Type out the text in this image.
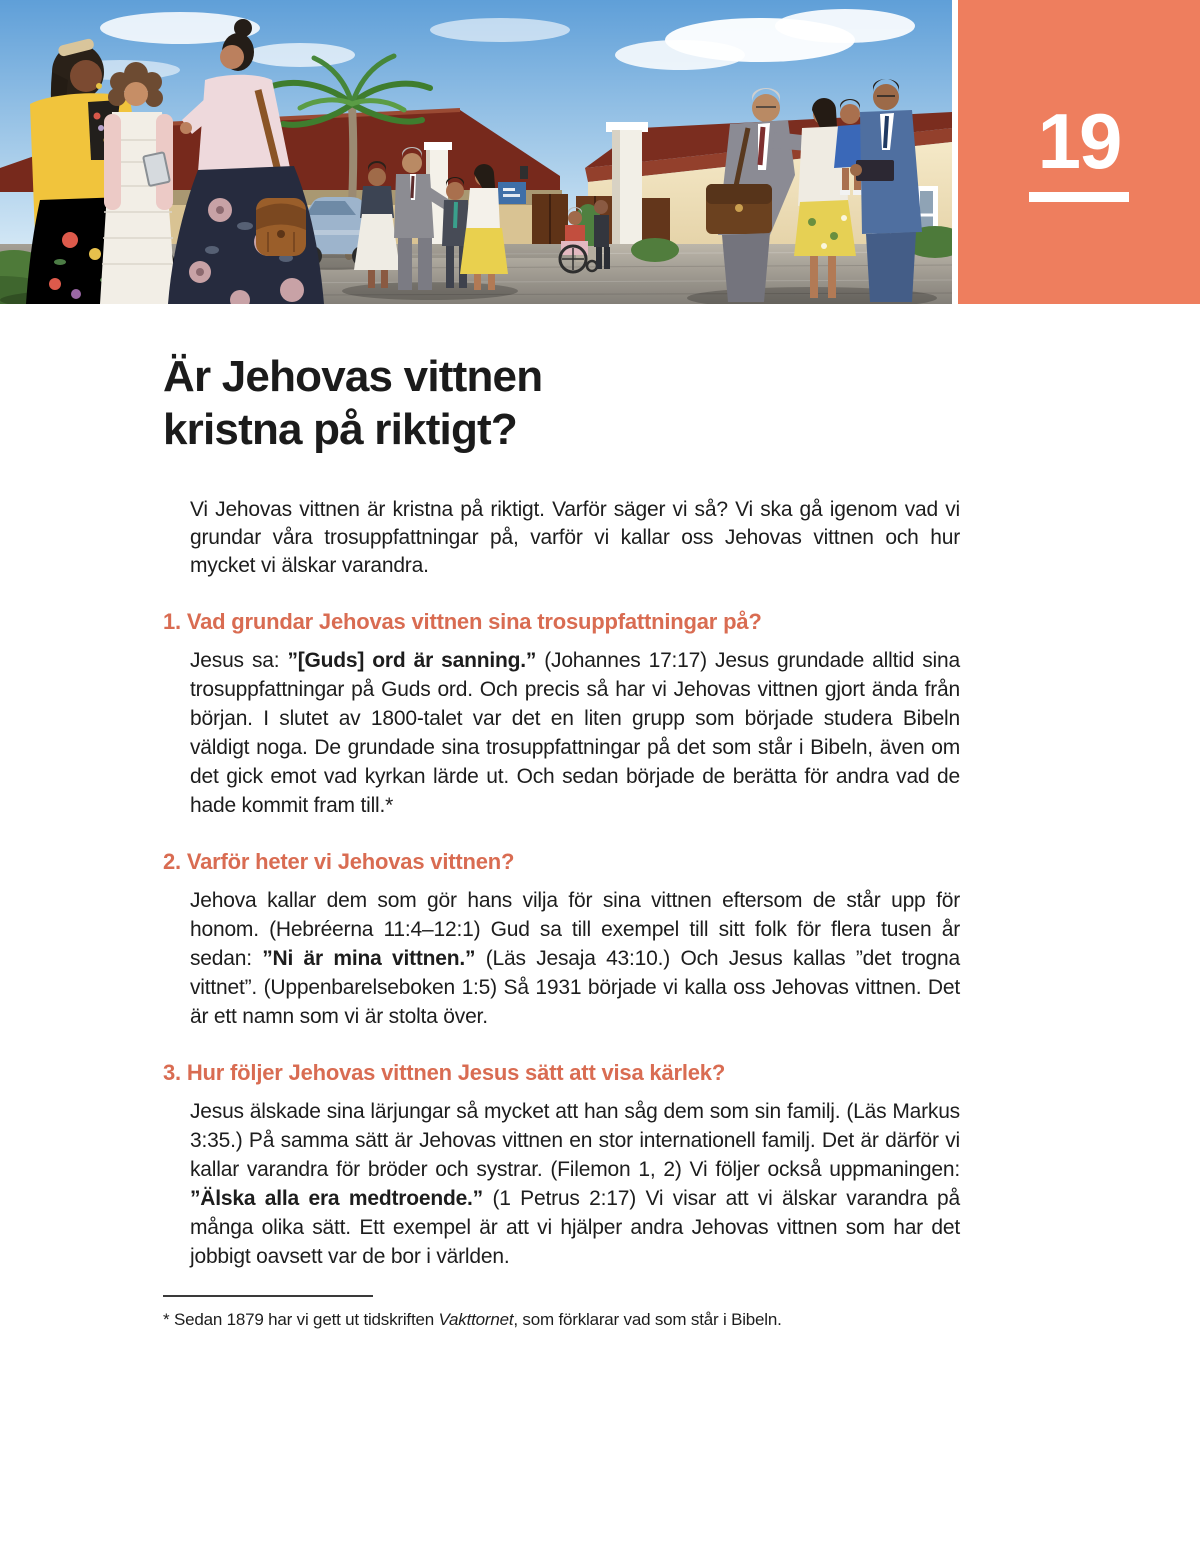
19
Är Jehovas vittnen
kristna på riktigt?

Vi Jehovas vittnen är kristna på riktigt. Varför säger vi så? Vi ska gå igenom vad vi grundar våra trosuppfattningar på, varför vi kallar oss Jehovas vittnen och hur mycket vi älskar varandra.

1. Vad grundar Jehovas vittnen sina trosuppfattningar på?

Jesus sa: ”[Guds] ord är sanning.” (Johannes 17:17) Jesus grundade alltid sina trosuppfattningar på Guds ord. Och precis så har vi Jehovas vittnen gjort ända från början. I slutet av 1800-talet var det en liten grupp som började studera Bibeln väldigt noga. De grundade sina trosuppfattningar på det som står i Bibeln, även om det gick emot vad kyrkan lärde ut. Och sedan började de berätta för andra vad de hade kommit fram till.*

2. Varför heter vi Jehovas vittnen?

Jehova kallar dem som gör hans vilja för sina vittnen eftersom de står upp för honom. (Hebréerna 11:4–12:1) Gud sa till exempel till sitt folk för flera tusen år sedan: ”Ni är mina vittnen.” (Läs Jesaja 43:10.) Och Jesus kallas ”det trogna vittnet”. (Uppenbarelseboken 1:5) Så 1931 började vi kalla oss Jehovas vittnen. Det är ett namn som vi är stolta över.

3. Hur följer Jehovas vittnen Jesus sätt att visa kärlek?

Jesus älskade sina lärjungar så mycket att han såg dem som sin familj. (Läs Markus 3:35.) På samma sätt är Jehovas vittnen en stor internationell familj. Det är därför vi kallar varandra för bröder och systrar. (Filemon 1, 2) Vi följer också uppmaningen: ”Älska alla era medtroende.” (1 Petrus 2:17) Vi visar att vi älskar varandra på många olika sätt. Ett exempel är att vi hjälper andra Jehovas vittnen som har det jobbigt oavsett var de bor i världen.

* Sedan 1879 har vi gett ut tidskriften Vakttornet, som förklarar vad som står i Bibeln.
